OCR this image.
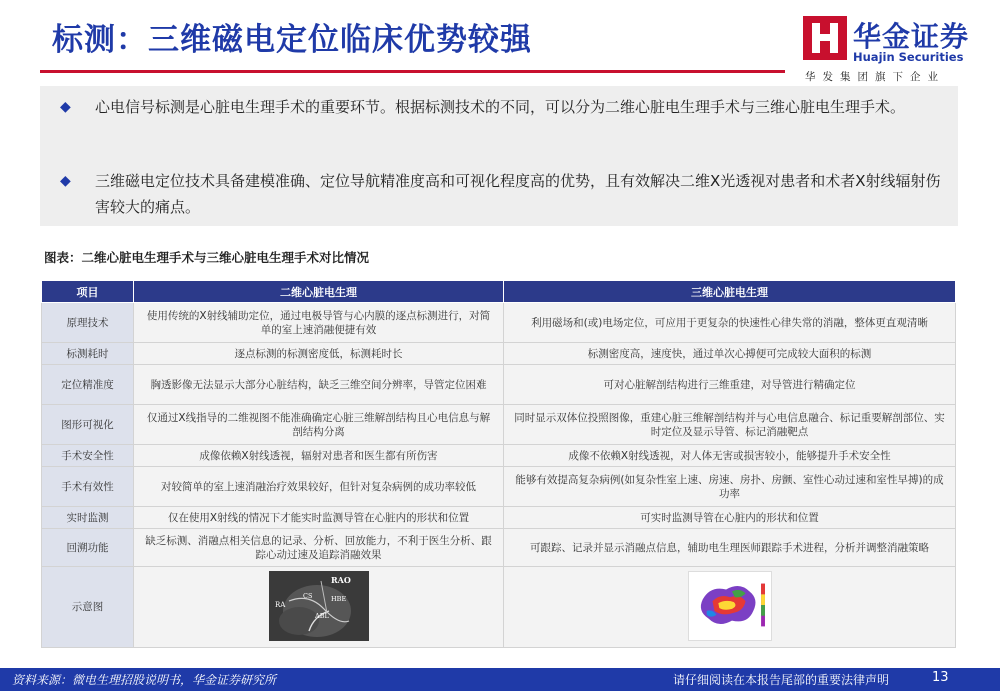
标测：三维磁电定位临床优势较强	华金证券
Huajin Securities
华发集团旗下企业
◆	心电信号标测是心脏电生理手术的重要环节。根据标测技术的不同，可以分为二维心脏电生理手术与三维心脏电生理手术。
◆	三维磁电定位技术具备建模准确、定位导航精准度高和可视化程度高的优势，且有效解决二维X光透视对患者和术者X射线辐射伤害较大的痛点。
图表：二维心脏电生理手术与三维心脏电生理手术对比情况
项目	二维心脏电生理	三维心脏电生理
原理技术	使用传统的X射线辅助定位，通过电极导管与心内膜的逐点标测进行，对简单的室上速消融便捷有效	利用磁场和(或)电场定位，可应用于更复杂的快速性心律失常的消融，整体更直观清晰
标测耗时	逐点标测的标测密度低，标测耗时长	标测密度高，速度快，通过单次心搏便可完成较大面积的标测
定位精准度	胸透影像无法显示大部分心脏结构，缺乏三维空间分辨率，导管定位困难	可对心脏解剖结构进行三维重建，对导管进行精确定位
图形可视化	仅通过X线指导的二维视图不能准确确定心脏三维解剖结构且心电信息与解剖结构分离	同时显示双体位投照图像，重建心脏三维解剖结构并与心电信息融合、标记重要解剖部位、实时定位及显示导管、标记消融靶点
手术安全性	成像依赖X射线透视，辐射对患者和医生都有所伤害	成像不依赖X射线透视，对人体无害或损害较小，能够提升手术安全性
手术有效性	对较简单的室上速消融治疗效果较好，但针对复杂病例的成功率较低	能够有效提高复杂病例(如复杂性室上速、房速、房扑、房颤、室性心动过速和室性早搏)的成功率
实时监测	仅在使用X射线的情况下才能实时监测导管在心脏内的形状和位置	可实时监测导管在心脏内的形状和位置
回溯功能	缺乏标测、消融点相关信息的记录、分析、回放能力，不利于医生分析、跟踪心动过速及追踪消融效果	可跟踪、记录并显示消融点信息，辅助电生理医师跟踪手术进程，分析并调整消融策略
示意图	RAO
RA
CS HBE
ABL

资料来源：微电生理招股说明书，华金证券研究所	请仔细阅读在本报告尾部的重要法律声明	13
